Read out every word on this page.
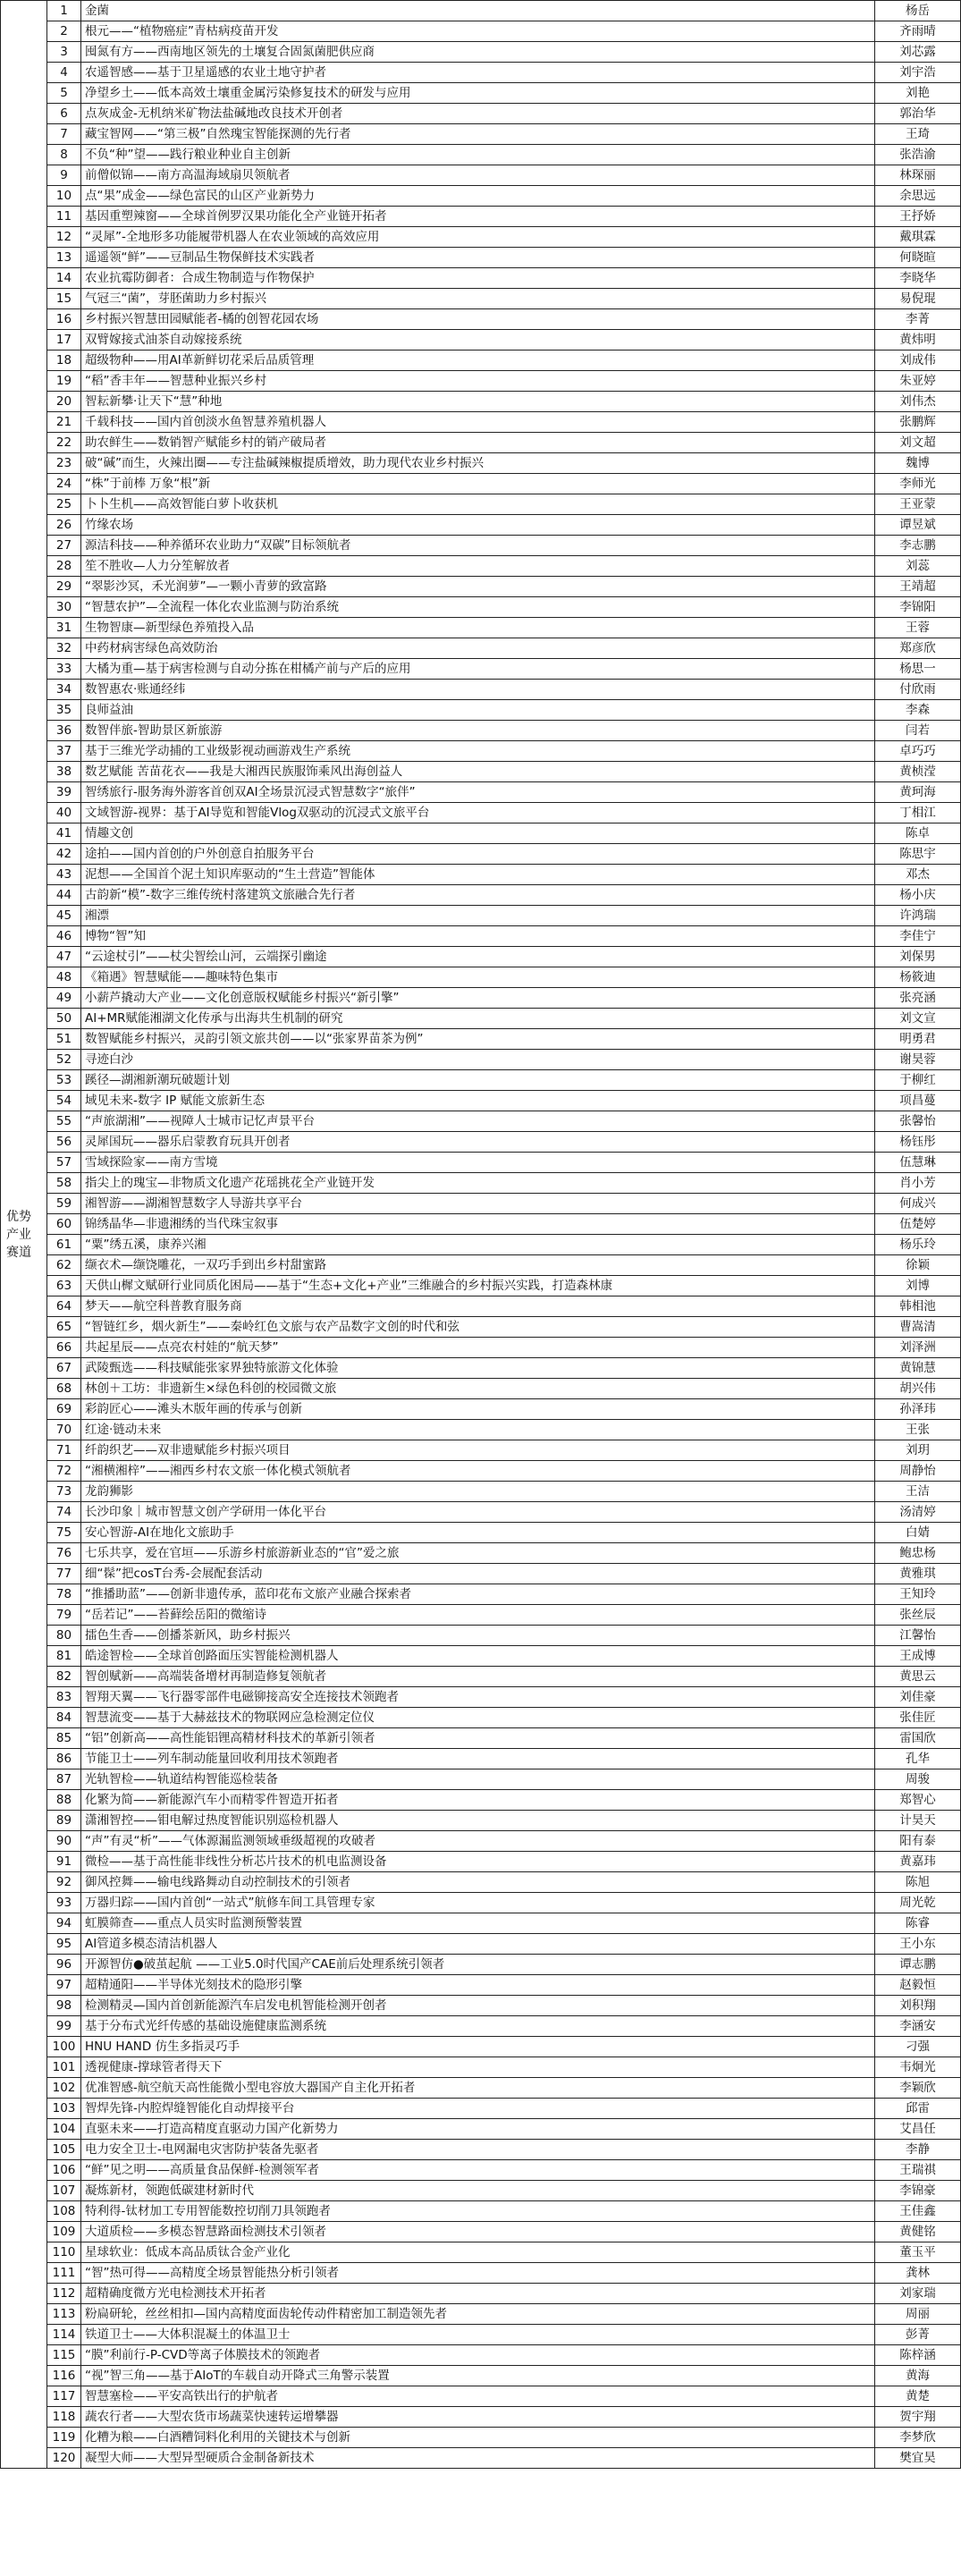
优势产业赛道	1	金菌	杨岳
	2	根元——“植物癌症”青枯病疫苗开发	齐雨晴
	3	囤氮有方——西南地区领先的土壤复合固氮菌肥供应商	刘芯露
	4	农遥智感——基于卫星遥感的农业土地守护者	刘宇浩
	5	净望乡土——低本高效土壤重金属污染修复技术的研发与应用	刘艳
	6	点灰成金-无机纳米矿物法盐碱地改良技术开创者	郭治华
	7	藏宝智网——“第三极”自然瑰宝智能探测的先行者	王琦
	8	不负“种”望——践行粮业种业自主创新	张浩渝
	9	前僧似锦——南方高温海域扇贝领航者	林琛丽
	10	点“果”成金——绿色富民的山区产业新势力	余思远
	11	基因重塑辣窗——全球首例罗汉果功能化全产业链开拓者	王抒娇
	12	“灵犀”-全地形多功能履带机器人在农业领域的高效应用	戴琪霖
	13	遥遥领“鲜”——豆制品生物保鲜技术实践者	何晓暄
	14	农业抗霉防御者：合成生物制造与作物保护	李晓华
	15	气冠三“菌”，芽胚菌助力乡村振兴	易倪琨
	16	乡村振兴智慧田园赋能者-橘的创智花园农场	李菁
	17	双臂嫁接式油茶自动嫁接系统	黄炜明
	18	超级物种——用AI革新鲜切花采后品质管理	刘成伟
	19	“稻”香丰年——智慧种业振兴乡村	朱亚婷
	20	智耘新攀·让天下“慧”种地	刘伟杰
	21	千载科技——国内首创淡水鱼智慧养殖机器人	张鹏辉
	22	助农鲜生——数销智产赋能乡村的销产破局者	刘文超
	23	破“碱”而生，火辣出圈——专注盐碱辣椒提质增效，助力现代农业乡村振兴	魏博
	24	“株”于前棒 万象“根”新	李师光
	25	卜卜生机——高效智能白萝卜收获机	王亚蒙
	26	竹缘农场	谭昱斌
	27	源洁科技——种养循环农业助力“双碳”目标领航者	李志鹏
	28	笙不胜收—人力分笙解放者	刘蕊
	29	“翠影沙冥，禾光润萝”—一颗小青萝的致富路	王靖超
	30	“智慧农护”—全流程一体化农业监测与防治系统	李锦阳
	31	生物智康—新型绿色养殖投入品	王蓉
	32	中药材病害绿色高效防治	郑彦欣
	33	大橘为重—基于病害检测与自动分拣在柑橘产前与产后的应用	杨思一
	34	数智惠农·账通经纬	付欣雨
	35	良师益油	李森
	36	数智伴旅-智助景区新旅游	闫若
	37	基于三维光学动捕的工业级影视动画游戏生产系统	卓巧巧
	38	数艺赋能 苦苗花衣——我是大湘西民族服饰乘风出海创益人	黄桢滢
	39	智绣旅行-服务海外游客首创双AI全场景沉浸式智慧数字“旅伴”	黄珂海
	40	文域智游-视界：基于AI导览和智能Vlog双驱动的沉浸式文旅平台	丁相江
	41	情趣文创	陈卓
	42	途拍——国内首创的户外创意自拍服务平台	陈思宇
	43	泥想——全国首个泥土知识库驱动的“生土营造”智能体	邓杰
	44	古韵新“模”-数字三维传统村落建筑文旅融合先行者	杨小庆
	45	湘漂	许鸿瑞
	46	博物“智”知	李佳宁
	47	“云途杖引”——杖尖智绘山河，云端探引幽途	刘保男
	48	《箱遇》智慧赋能——趣味特色集市	杨筱迪
	49	小薪芦撬动大产业——文化创意版权赋能乡村振兴“新引擎”	张亮涵
	50	AI+MR赋能湘湖文化传承与出海共生机制的研究	刘文宣
	51	数智赋能乡村振兴，灵韵引领文旅共创——以“张家界苗茶为例”	明勇君
	52	寻迹白沙	谢昊蓉
	53	蹊径—湖湘新潮玩破题计划	于柳红
	54	域见未来-数字 IP 赋能文旅新生态	项昌蔓
	55	“声旅湖湘”——视障人士城市记忆声景平台	张馨怡
	56	灵犀国玩——器乐启蒙教育玩具开创者	杨钰彤
	57	雪域探险家——南方雪境	伍慧琳
	58	指尖上的瑰宝—非物质文化遗产花瑶挑花全产业链开发	肖小芳
	59	湘智游——湖湘智慧数字人导游共享平台	何成兴
	60	锦绣晶华—非遗湘绣的当代珠宝叙事	伍楚婷
	61	“粟”绣五溪，康养兴湘	杨乐玲
	62	缬衣术—缬饶雕花，一双巧手到出乡村甜蜜路	徐颖
	63	天供山樨文赋研行业同质化困局——基于“生态+文化+产业”三维融合的乡村振兴实践，打造森林康	刘博
	64	梦天——航空科普教育服务商	韩相池
	65	“智链红乡，烟火新生”——秦岭红色文旅与农产品数字文创的时代和弦	曹嵩清
	66	共起星辰——点亮农村娃的“航天梦”	刘泽洲
	67	武陵甄选——科技赋能张家界独特旅游文化体验	黄锦慧
	68	林创＋工坊：非遗新生×绿色科创的校园微文旅	胡兴伟
	69	彩韵匠心——滩头木版年画的传承与创新	孙泽玮
	70	红途·链动未来	王张
	71	纤韵织艺——双非遗赋能乡村振兴项目	刘玥
	72	“湘横湘梓”——湘西乡村农文旅一体化模式领航者	周静怡
	73	龙韵狮影	王洁
	74	长沙印象｜城市智慧文创产学研用一体化平台	汤清婷
	75	安心智游-AI在地化文旅助手	白婧
	76	七乐共享，爱在官垣——乐游乡村旅游新业态的“官”爱之旅	鲍忠杨
	77	细“髹”把cosT台秀-会展配套活动	黄雅琪
	78	“推播助蓝”——创新非遗传承，蓝印花布文旅产业融合探索者	王知玲
	79	“岳若记”——苔藓绘岳阳的微缩诗	张丝辰
	80	擂色生香——创播茶新风，助乡村振兴	江馨怡
	81	皓途智检——全球首创路面压实智能检测机器人	王成博
	82	智创赋新——高端装备增材再制造修复领航者	黄思云
	83	智翔天翼——飞行器零部件电磁铆接高安全连接技术领跑者	刘佳豪
	84	智慧流变——基于大赫兹技术的物联网应急检测定位仪	张佳匠
	85	“铝”创新高——高性能铝锂高精材科技术的革新引领者	雷国欣
	86	节能卫士——列车制动能量回收利用技术领跑者	孔华
	87	光轨智检——轨道结构智能巡检装备	周骏
	88	化繁为简——新能源汽车小而精零件智造开拓者	郑智心
	89	潇湘智控——钼电解过热度智能识别巡检机器人	计昊天
	90	“声”有灵“析”——气体源漏监测领域垂级超视的攻破者	阳有泰
	91	微检——基于高性能非线性分析芯片技术的机电监测设备	黄嘉玮
	92	御风控舞——输电线路舞动自动控制技术的引领者	陈旭
	93	万器归踪——国内首创“一站式”航修车间工具管理专家	周光乾
	94	虹膜筛查——重点人员实时监测预警装置	陈睿
	95	AI管道多模态清洁机器人	王小东
	96	开源智仿●破茧起航 ——工业5.0时代国产CAE前后处理系统引领者	谭志鹏
	97	超精通阳——半导体光刻技术的隐形引擎	赵毅恒
	98	检测精灵—国内首创新能源汽车启发电机智能检测开创者	刘积翔
	99	基于分布式光纤传感的基础设施健康监测系统	李涵安
	100	HNU HAND 仿生多指灵巧手	刁强
	101	透视健康-撑球管者得天下	韦炯光
	102	优准智感-航空航天高性能微小型电容放大器国产自主化开拓者	李颖欣
	103	智焊先锋-内腔焊缝智能化自动焊接平台	邱雷
	104	直驱未来——打造高精度直驱动力国产化新势力	艾昌任
	105	电力安全卫士-电网漏电灾害防护装备先驱者	李静
	106	“鲜”见之明——高质量食品保鲜-检测领军者	王瑞祺
	107	凝炼新材，领跑低碳建材新时代	李锦豪
	108	特利得-钛材加工专用智能数控切削刀具领跑者	王佳鑫
	109	大道质检——多模态智慧路面检测技术引领者	黄健铭
	110	星球软业：低成本高品质钛合金产业化	董玉平
	111	“智”热可得——高精度全场景智能热分析引领者	龚林
	112	超精确度微方光电检测技术开拓者	刘家瑞
	113	粉扁研轮，丝丝相扣—国内高精度面齿轮传动件精密加工制造领先者	周丽
	114	铁道卫士——大体积混凝土的体温卫士	彭菁
	115	“膜”利前行-P-CVD等离子体膜技术的领跑者	陈梓涵
	116	“视”智三角——基于AIoT的车载自动开降式三角警示装置	黄海
	117	智慧塞检——平安高铁出行的护航者	黄楚
	118	蔬农行者——大型农货市场蔬菜快速转运增攀器	贺宇翔
	119	化糟为粮——白酒糟饲料化利用的关键技术与创新	李梦欣
	120	凝型大师——大型异型硬质合金制备新技术	樊宜昊
